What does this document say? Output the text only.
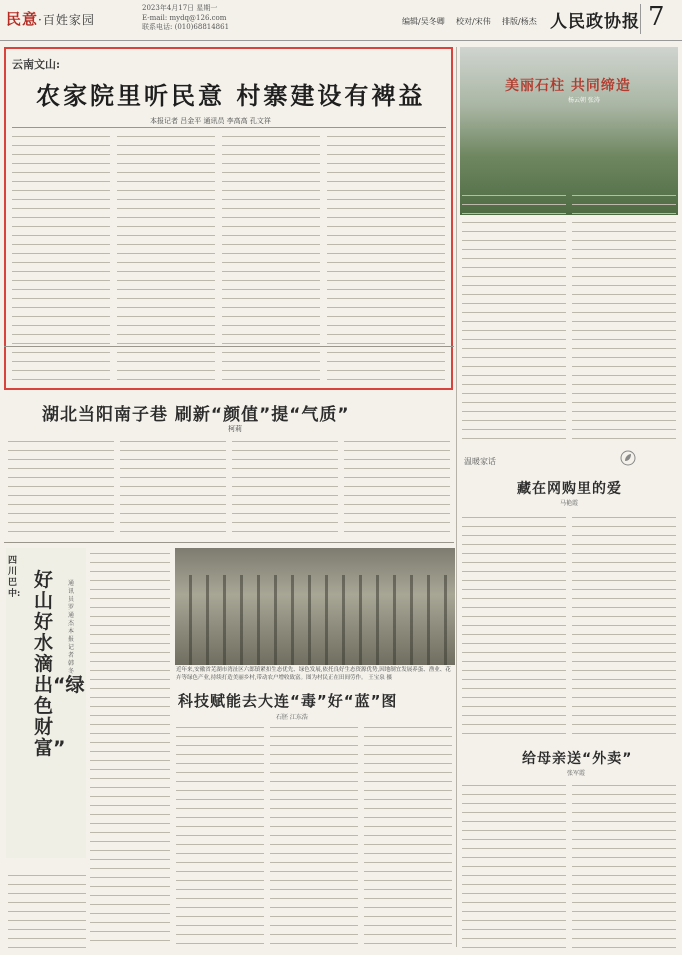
民意·百姓家园
2023年4月17日 星期一
E-mail: mydq@126.com
联系电话: (010)68814861
编辑/吴冬卿 校对/宋伟 排版/杨杰 人民政协报 7
云南文山:
农家院里听民意 村寨建设有裨益
本报记者 吕金平 通讯员 李高高 孔文祥
美丽石柱 共同缔造
杨云朝 张涛
湖北当阳南子巷 刷新“颜值”提“气质”
柯莉
四川巴中:
好山好水滴出“绿色财富”
通讯员 罗通杰 本报记者 韩冬	近年来,安徽省芜湖市湾沚区六郎镇紧扣生态优先、绿色发展,依托良好生态资源优势,因地制宜发展养蛋、渔业、花卉等绿色产业,持续打造美丽乡村,带动农户增收致富。图为村民正在田间劳作。 王宝泉 摄
科技赋能去大连“毒”好“蓝”图
石胚 江东浩
温暖家话
藏在网购里的爱
马艳霞
给母亲送“外卖”
张军霞
